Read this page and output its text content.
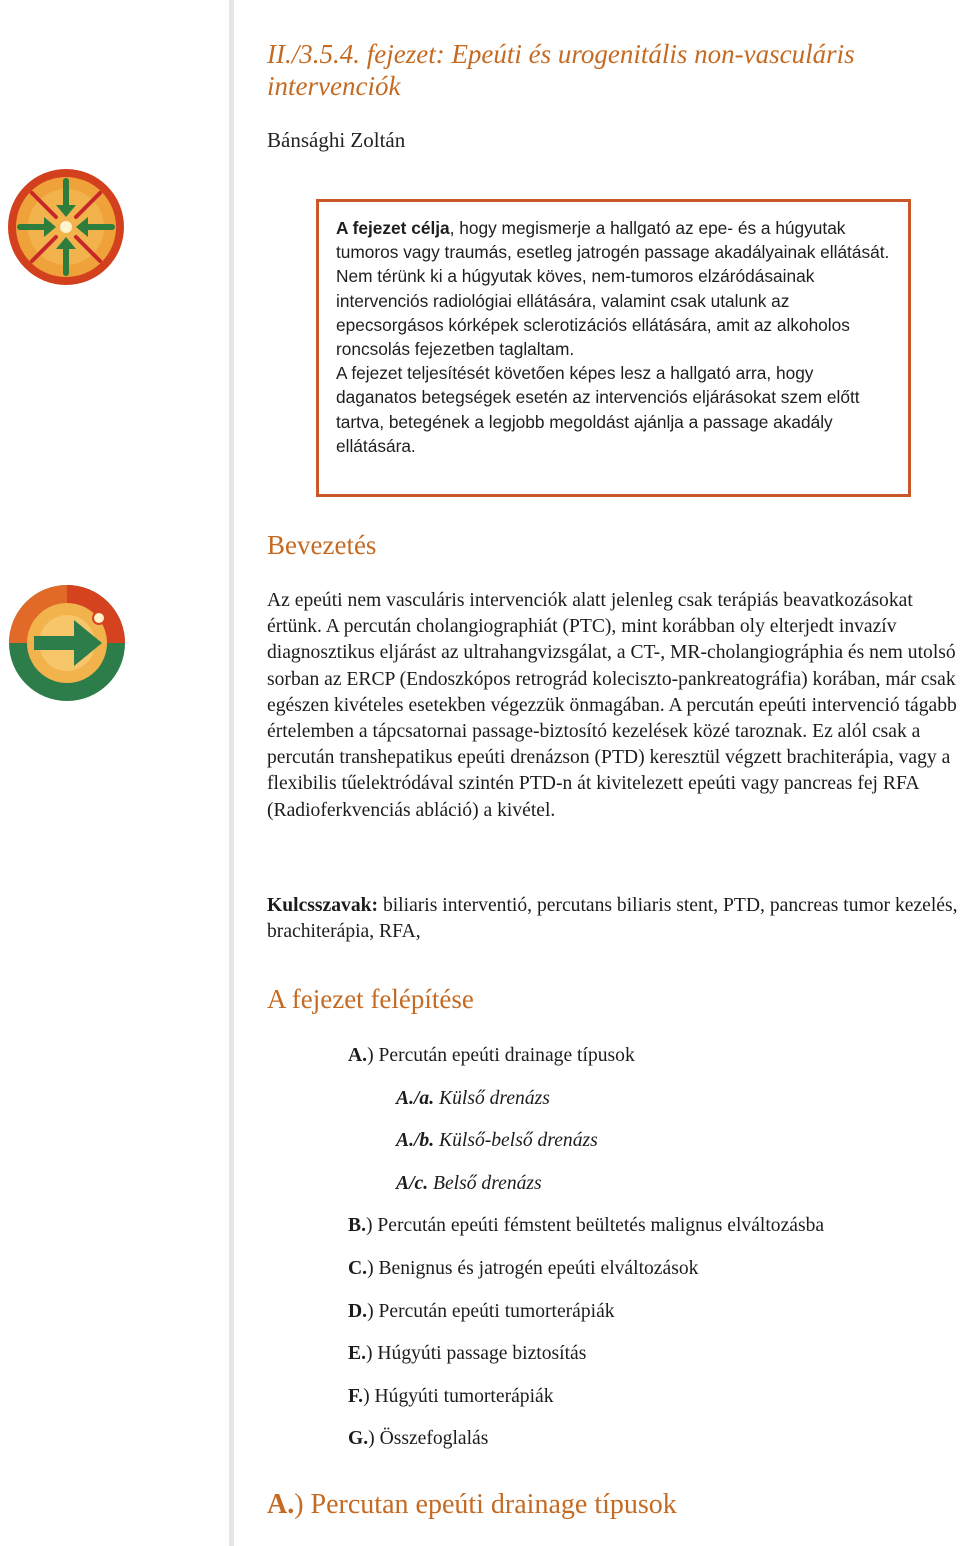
II./3.5.4. fejezet: Epeúti és urogenitális non-vasculáris intervenciók
Bánsághi Zoltán

A fejezet célja, hogy megismerje a hallgató az epe- és a húgyutak tumoros vagy traumás, esetleg jatrogén passage akadályainak ellátását. Nem térünk ki a húgyutak köves, nem-tumoros elzáródásainak intervenciós radiológiai ellátására, valamint csak utalunk az epecsorgásos kórképek sclerotizációs ellátására, amit az alkoholos roncsolás fejezetben taglaltam.

A fejezet teljesítését követően képes lesz a hallgató arra, hogy daganatos betegségek esetén az intervenciós eljárásokat szem előtt tartva, betegének a legjobb megoldást ajánlja a passage akadály ellátására.

Bevezetés

Az epeúti nem vasculáris intervenciók alatt jelenleg csak terápiás beavatkozásokat értünk. A percután cholangiographiát (PTC), mint korábban oly elterjedt invazív diagnosztikus eljárást az ultrahangvizsgálat, a CT-, MR-cholangiográphia és nem utolsó sorban az ERCP (Endoszkópos retrográd koleciszto-pankreatográfia) korában, már csak egészen kivételes esetekben végezzük önmagában. A percután epeúti intervenció tágabb értelemben a tápcsatornai passage-biztosító kezelések közé taroznak. Ez alól csak a percután transhepatikus epeúti drenázson (PTD) keresztül végzett brachiterápia, vagy a flexibilis tűelektródával szintén PTD-n át kivitelezett epeúti vagy pancreas fej RFA (Radioferkvenciás abláció) a kivétel.

Kulcsszavak: biliaris interventió, percutans biliaris stent, PTD, pancreas tumor kezelés, brachiterápia, RFA,

A fejezet felépítése
A.) Percután epeúti drainage típusok
A./a. Külső drenázs
A./b. Külső-belső drenázs
A/c. Belső drenázs
B.) Percután epeúti fémstent beültetés malignus elváltozásba
C.) Benignus és jatrogén epeúti elváltozások
D.) Percután epeúti tumorterápiák
E.) Húgyúti passage biztosítás
F.) Húgyúti tumorterápiák
G.) Összefoglalás
A.) Percutan epeúti drainage típusok
